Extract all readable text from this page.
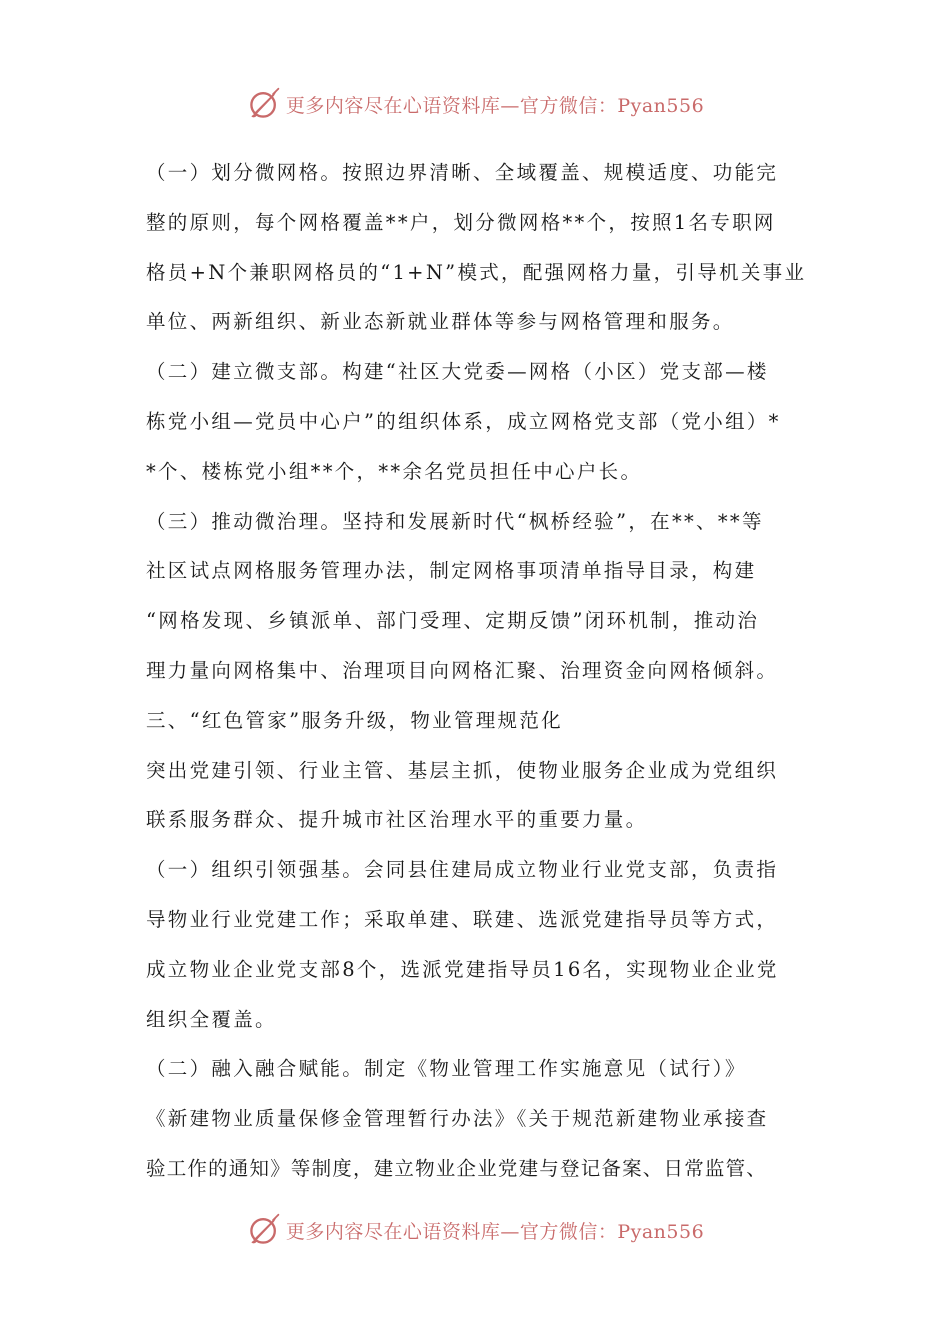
更多内容尽在心语资料库—官方微信：Pyan556
（一）划分微网格。按照边界清晰、全域覆盖、规模适度、功能完
整的原则，每个网格覆盖**户，划分微网格**个，按照1名专职网
格员+N个兼职网格员的“1+N”模式，配强网格力量，引导机关事业
单位、两新组织、新业态新就业群体等参与网格管理和服务。
（二）建立微支部。构建“社区大党委—网格（小区）党支部—楼
栋党小组—党员中心户”的组织体系，成立网格党支部（党小组）*
*个、楼栋党小组**个，**余名党员担任中心户长。
（三）推动微治理。坚持和发展新时代“枫桥经验”，在**、**等
社区试点网格服务管理办法，制定网格事项清单指导目录，构建
“网格发现、乡镇派单、部门受理、定期反馈”闭环机制，推动治
理力量向网格集中、治理项目向网格汇聚、治理资金向网格倾斜。
三、“红色管家”服务升级，物业管理规范化
突出党建引领、行业主管、基层主抓，使物业服务企业成为党组织
联系服务群众、提升城市社区治理水平的重要力量。
（一）组织引领强基。会同县住建局成立物业行业党支部，负责指
导物业行业党建工作；采取单建、联建、选派党建指导员等方式，
成立物业企业党支部8个，选派党建指导员16名，实现物业企业党
组织全覆盖。
（二）融入融合赋能。制定《物业管理工作实施意见（试行）》
《新建物业质量保修金管理暂行办法》《关于规范新建物业承接查
验工作的通知》等制度，建立物业企业党建与登记备案、日常监管、
更多内容尽在心语资料库—官方微信：Pyan556
